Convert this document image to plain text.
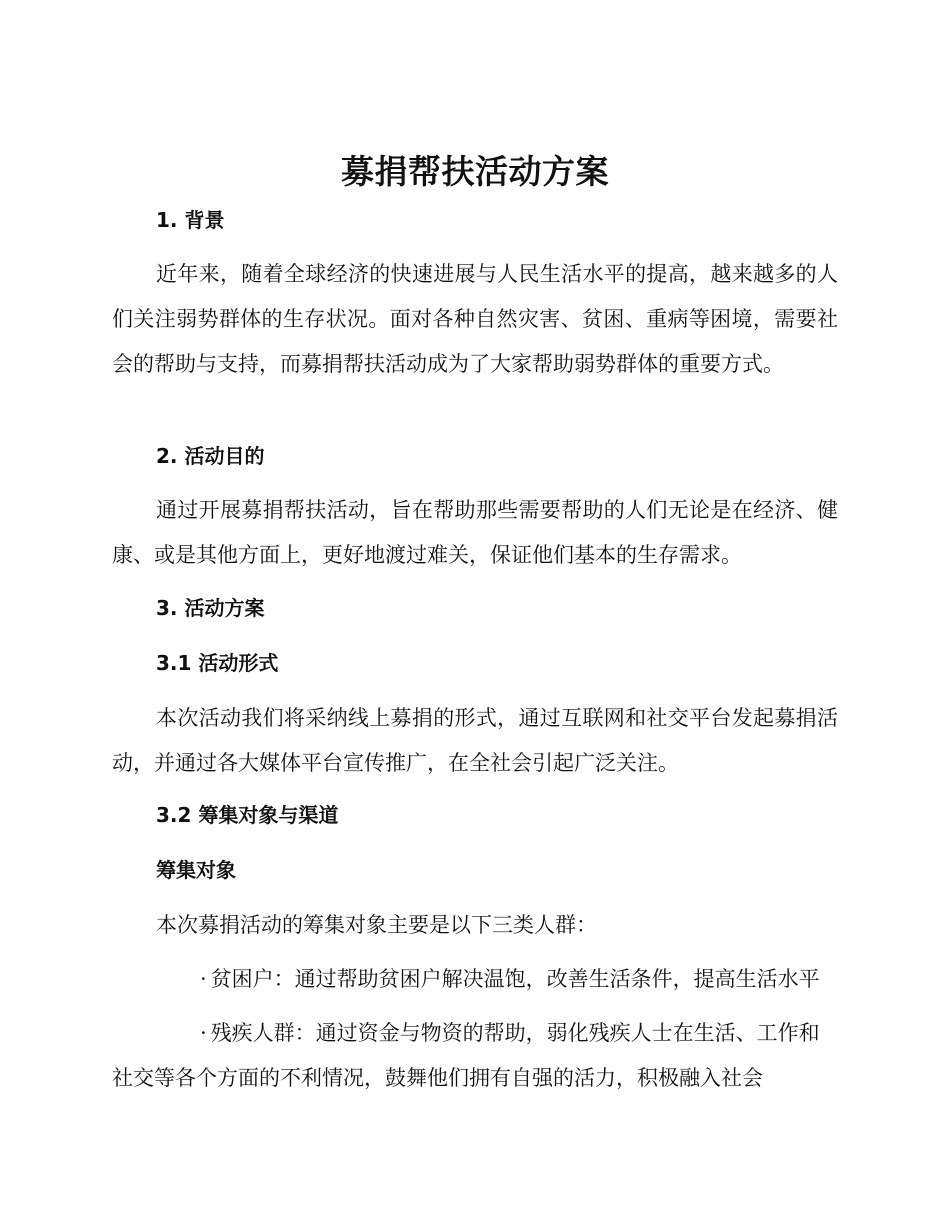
募捐帮扶活动方案
1. 背景

近年来，随着全球经济的快速进展与人民生活水平的提高，越来越多的人们关注弱势群体的生存状况。面对各种自然灾害、贫困、重病等困境，需要社会的帮助与支持，而募捐帮扶活动成为了大家帮助弱势群体的重要方式。

2. 活动目的

通过开展募捐帮扶活动，旨在帮助那些需要帮助的人们无论是在经济、健康、或是其他方面上，更好地渡过难关，保证他们基本的生存需求。

3. 活动方案
3.1 活动形式

本次活动我们将采纳线上募捐的形式，通过互联网和社交平台发起募捐活动，并通过各大媒体平台宣传推广，在全社会引起广泛关注。

3.2 筹集对象与渠道
筹集对象

本次募捐活动的筹集对象主要是以下三类人群：

· 贫困户：通过帮助贫困户解决温饱，改善生活条件，提高生活水平

· 残疾人群：通过资金与物资的帮助，弱化残疾人士在生活、工作和社交等各个方面的不利情况，鼓舞他们拥有自强的活力，积极融入社会
